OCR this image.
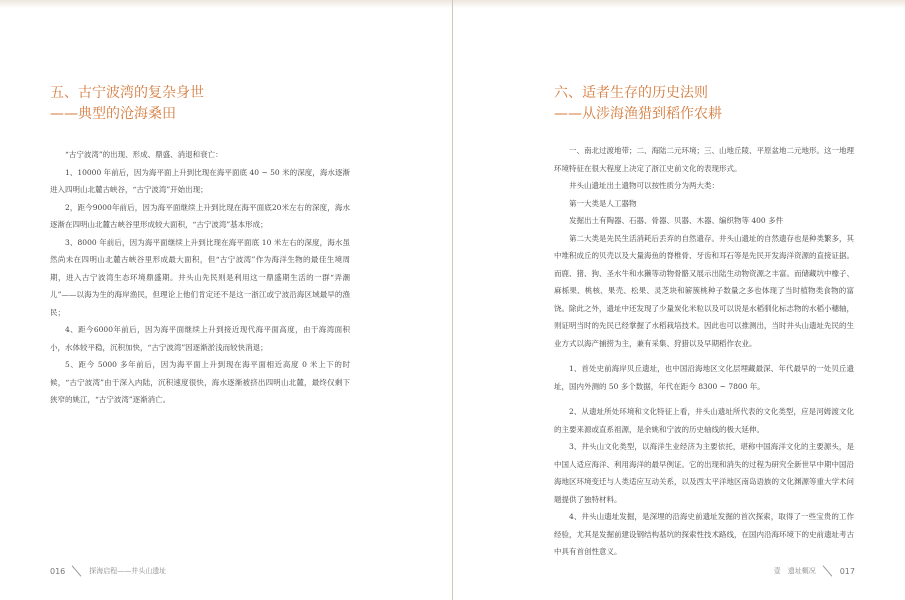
五、古宁波湾的复杂身世
——典型的沧海桑田

“古宁波湾”的出现、形成、鼎盛、消退和衰亡：

1、10000 年前后，因为海平面上升到比现在海平面底 40 ~ 50 米的深度，海水逐渐进入四明山北麓古峡谷，“古宁波湾”开始出现；

2，距今9000年前后，因为海平面继续上升到比现在海平面底20米左右的深度，海水逐渐在四明山北麓古峡谷里形成较大面积，“古宁波湾”基本形成；

3、8000 年前后，因为海平面继续上升到比现在海平面底 10 米左右的深度，海水虽然尚未在四明山北麓古峡谷里形成最大面积，但“古宁波湾”作为海洋生物的最佳生境周期，进入古宁波湾生态环境鼎盛期。井头山先民则是利用这一鼎盛期生活的一群“弄潮儿”——以海为生的海岸渔民，但理论上他们肯定还不是这一浙江或宁波沿海区域最早的渔民；

4、距今6000年前后，因为海平面继续上升到接近现代海平面高度，由于海湾面积小，水体较平稳，沉积加快，“古宁波湾”因逐渐淤浅而较快消退；

5、距今 5000 多年前后，因为海平面上升到现在海平面相近高度 0 米上下的时候，“古宁波湾”由于深入内陆，沉积速度很快，海水逐渐被挤出四明山北麓，最终仅剩下狭窄的姚江，“古宁波湾”逐渐消亡。

016	探海启程——井头山遗址
六、适者生存的历史法则
——从涉海渔猎到稻作农耕

一、南北过渡地带；二、海陆二元环境；三、山地丘陵、平原盆地二元地形。这一地理环境特征在很大程度上决定了浙江史前文化的表现形式。

井头山遗址出土遗物可以按性质分为两大类：

第一大类是人工器物

发掘出土有陶器、石器、骨器、贝器、木器、编织物等 400 多件

第二大类是先民生活消耗后丢弃的自然遗存。井头山遗址的自然遗存也是种类繁多，其中堆积成丘的贝壳以及大量海鱼的脊椎骨、牙齿和耳石等是先民开发海洋资源的直接证据。而鹿、猪、狗、圣水牛和水獭等动物骨骼又展示出陆生动物资源之丰富。而储藏坑中橡子、麻栎果、桃核、果壳、松果、灵芝块和簖簇桃种子数量之多也体现了当时植物类食物的富饶。除此之外，遗址中还发现了少量炭化米粒以及可以说是水稻驯化标志物的水稻小穗轴，则证明当时的先民已经掌握了水稻栽培技术。因此也可以推测出，当时井头山遗址先民的生业方式以海产捕捞为主，兼有采集、狩猎以及早期稻作农业。

1、首处史前海岸贝丘遗址，也中国沿海地区文化层埋藏最深、年代最早的一处贝丘遗址，国内外测的 50 多个数据，年代在距今 8300 ~ 7800 年。

2、从遗址所处环境和文化特征上看，井头山遗址所代表的文化类型，应是河姆渡文化的主要来源或直系祖源，是余姚和宁波的历史轴线的极大延伸。

3、井头山文化类型，以海洋生业经济为主要依托，堪称中国海洋文化的主要源头，是中国人适应海洋、利用海洋的最早例证。它的出现和消失的过程为研究全新世早中期中国沿海地区环境变迁与人类适应互动关系，以及西太平洋地区南岛语族的文化渊源等重大学术问题提供了独特材料。

4、井头山遗址发掘，是深埋的沿海史前遗址发掘的首次探索，取得了一些宝贵的工作经验，尤其是发掘前建设钢结构基坑的探索性技术路线，在国内沿海环境下的史前遗址考古中具有首创性意义。

壹　遗址概况	017
